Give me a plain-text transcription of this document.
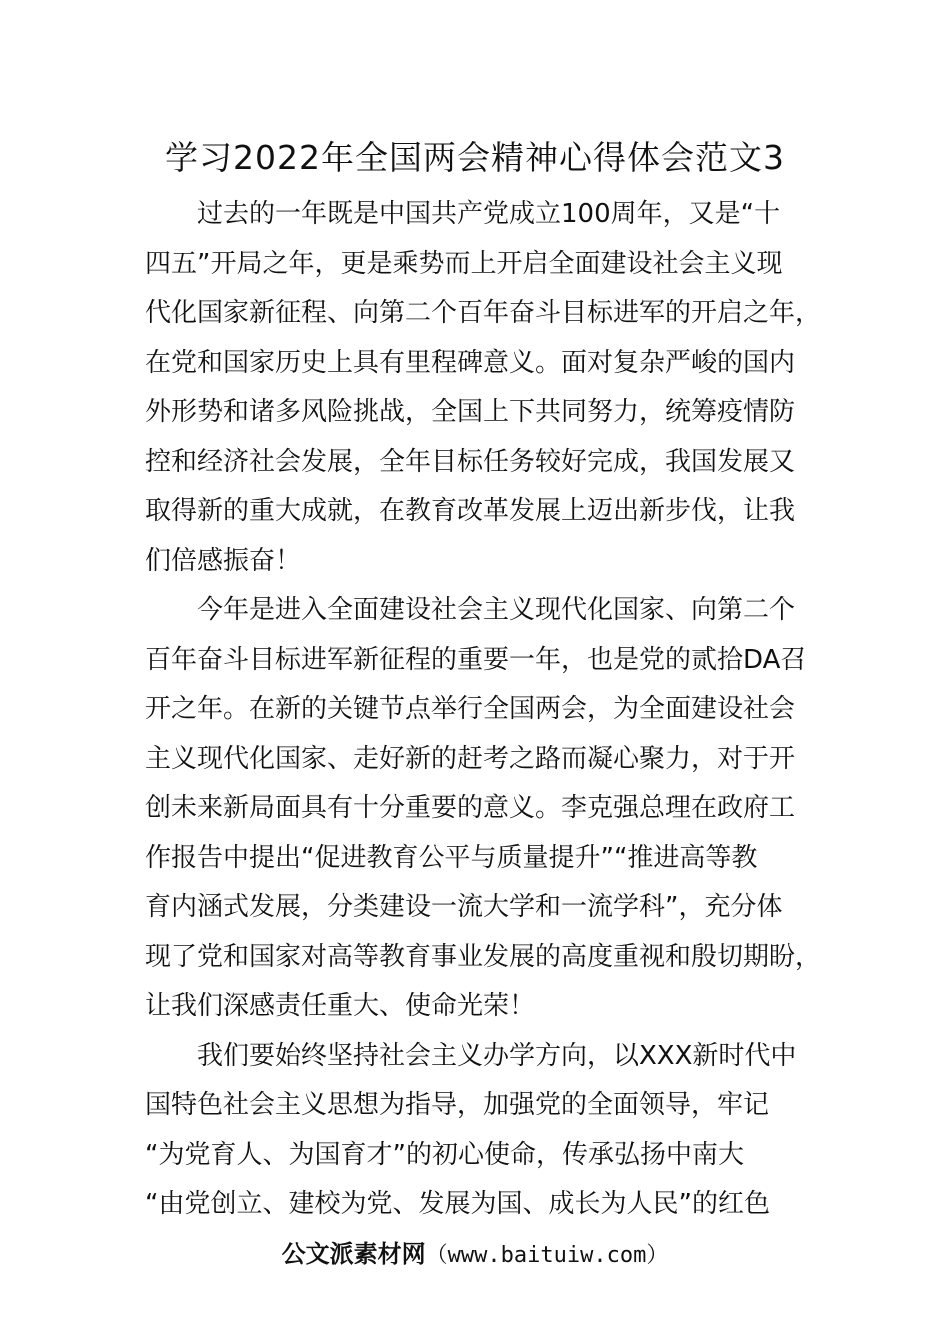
学习2022年全国两会精神心得体会范文3
过去的一年既是中国共产党成立100周年，又是“十
四五”开局之年，更是乘势而上开启全面建设社会主义现
代化国家新征程、向第二个百年奋斗目标进军的开启之年，
在党和国家历史上具有里程碑意义。面对复杂严峻的国内
外形势和诸多风险挑战，全国上下共同努力，统筹疫情防
控和经济社会发展，全年目标任务较好完成，我国发展又
取得新的重大成就，在教育改革发展上迈出新步伐，让我
们倍感振奋！
今年是进入全面建设社会主义现代化国家、向第二个
百年奋斗目标进军新征程的重要一年，也是党的贰拾DA召
开之年。在新的关键节点举行全国两会，为全面建设社会
主义现代化国家、走好新的赶考之路而凝心聚力，对于开
创未来新局面具有十分重要的意义。李克强总理在政府工
作报告中提出“促进教育公平与质量提升”“推进高等教
育内涵式发展，分类建设一流大学和一流学科”，充分体
现了党和国家对高等教育事业发展的高度重视和殷切期盼，
让我们深感责任重大、使命光荣！
我们要始终坚持社会主义办学方向，以XXX新时代中
国特色社会主义思想为指导，加强党的全面领导，牢记
“为党育人、为国育才”的初心使命，传承弘扬中南大
“由党创立、建校为党、发展为国、成长为人民”的红色
公文派素材网（www.baituiw.com）
